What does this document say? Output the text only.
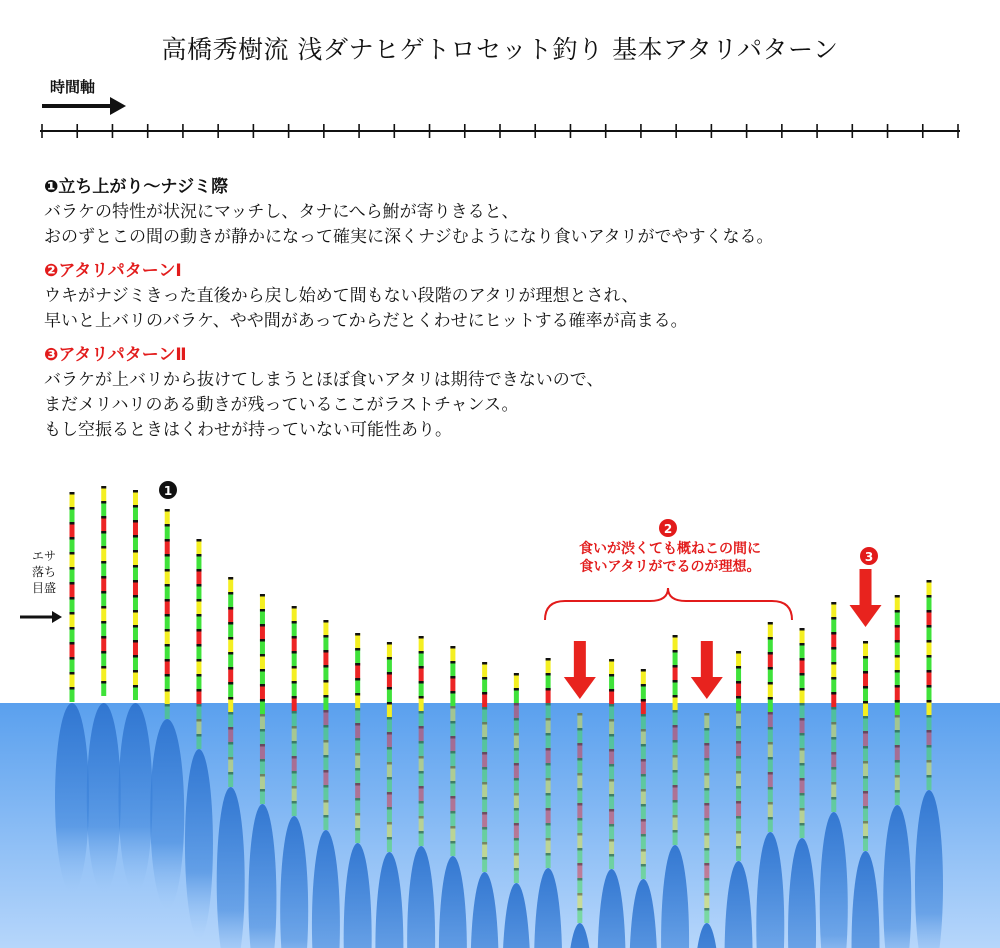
高橋秀樹流 浅ダナヒゲトロセット釣り 基本アタリパターン
時間軸
1
2
3
❶立ち上がり〜ナジミ際
バラケの特性が状況にマッチし、タナにへら鮒が寄りきると、
おのずとこの間の動きが静かになって確実に深くナジむようになり食いアタリがでやすくなる。
❷アタリパターンⅠ
ウキがナジミきった直後から戻し始めて間もない段階のアタリが理想とされ、
早いと上バリのバラケ、やや間があってからだとくわせにヒットする確率が高まる。
❸アタリパターンⅡ
バラケが上バリから抜けてしまうとほぼ食いアタリは期待できないので、
まだメリハリのある動きが残っているここがラストチャンス。
もし空振るときはくわせが持っていない可能性あり。
エサ
落ち
目盛
食いが渋くても概ねこの間に
食いアタリがでるのが理想。
